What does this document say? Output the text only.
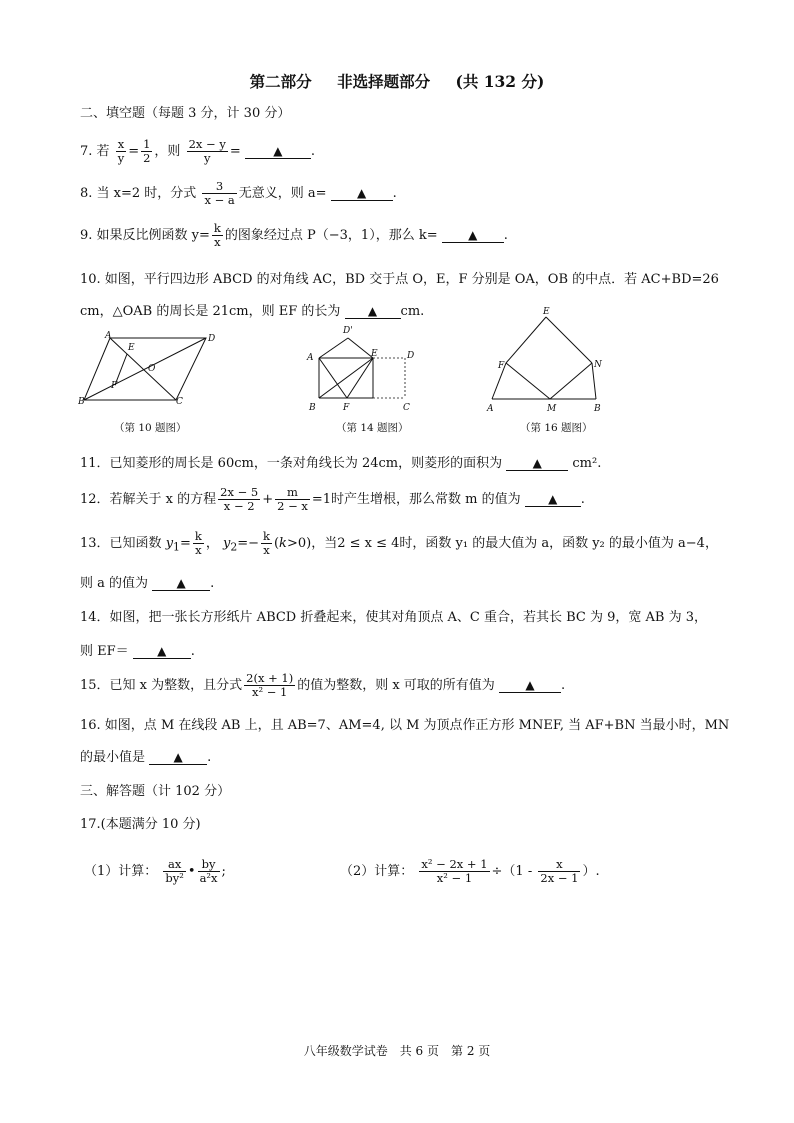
第二部分 非选择题部分 (共 132 分)
二、填空题（每题 3 分，计 30 分）
7. 若 $\frac{x}{y} = \frac{1}{2}$ ，则 $\frac{2x - y}{y}$ = ▲ .
8. 当 x=2 时，分式 $\frac{3}{x - a}$ 无意义，则 a=	▲ .
9. 如果反比例函数 $y= \frac{k}{x}$ 的图象经过点 P（−3，1），那么 k=	▲ .
10. 如图，平行四边形 ABCD 的对角线 AC，BD 交于点 O，E，F 分别是 OA，OB 的中点．若 AC+BD=26
cm，△OAB 的周长是 21cm，则 EF 的长为 ▲ cm.
A	D
E
O
F
B	C
（第 10 题图）
D'
A	E	D
B	F	C
（第 14 题图）
E
F	N
A	M	B
（第 16 题图）
11．已知菱形的周长是 60cm，一条对角线长为 24cm，则菱形的面积为	▲ cm².
12．若解关于 x 的方程 $\frac{2x - 5}{x - 2} + \frac{m}{2 - x} =1$时产生增根，那么常数 m 的值为 ▲ .
13．已知函数 $y_1= \frac{k}{x}$ ， $y_2=- \frac{k}{x} (k>0)$，当2 ≤ x ≤ 4时，函数 y₁ 的最大值为 a，函数 y₂ 的最小值为 a−4，
则 a 的值为 ▲ .
14．如图，把一张长方形纸片 ABCD 折叠起来，使其对角顶点 A、C 重合，若其长 BC 为 9，宽 AB 为 3，
则 EF＝ ▲ .
15．已知 x 为整数，且分式 $\frac{2(x + 1)}{\text{x² − 1}}$ 的值为整数，则 x 可取的所有值为	▲ .
16. 如图，点 M 在线段 AB 上，且 AB=7、AM=4, 以 M 为顶点作正方形 MNEF, 当 AF+BN 当最小时，MN
的最小值是 ▲ .
三、解答题（计 102 分）
17.(本题满分 10 分)
（1）计算： $\frac{ax}{\text{by²}}$ • $\frac{by}{\text{a²x}}$ ;	（2）计算： $\frac{\text{x² − 2x + 1}}{\text{x² − 1}} \div(1 - \frac{x}{2x - 1}$ ）.
八年级数学试卷　共 6 页　第 2 页
